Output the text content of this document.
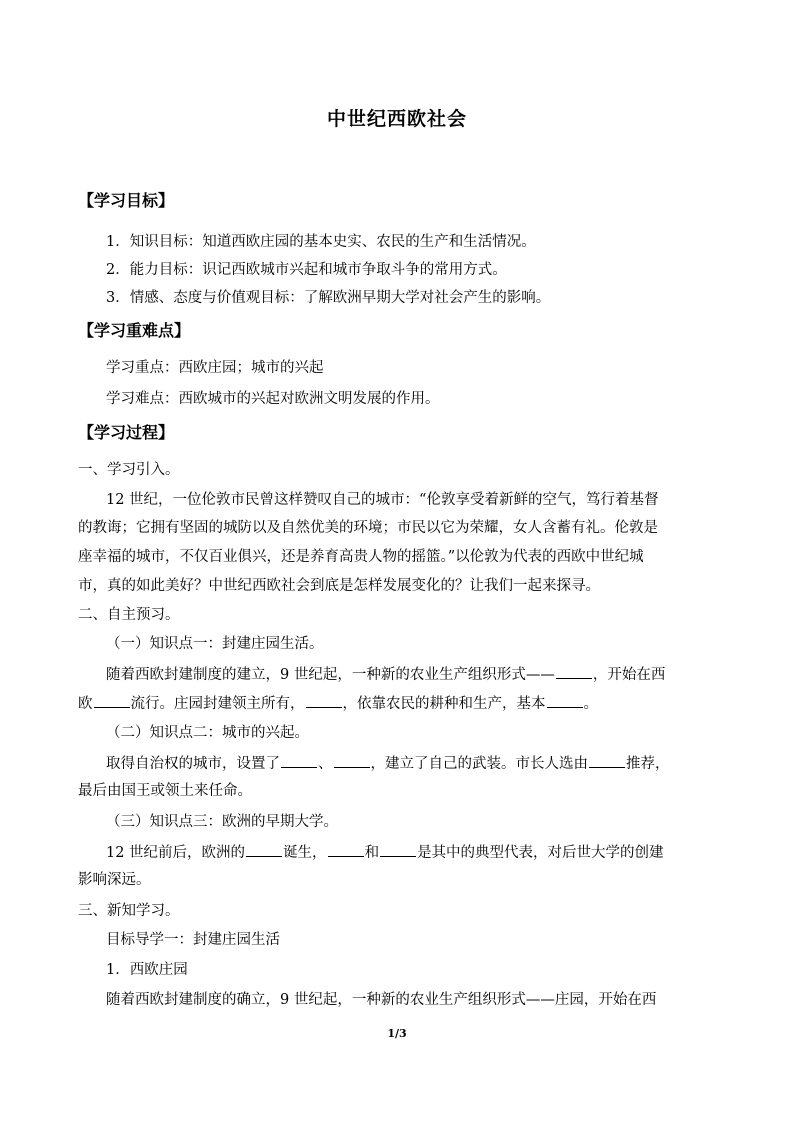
中世纪西欧社会
【学习目标】
1．知识目标：知道西欧庄园的基本史实、农民的生产和生活情况。
2．能力目标：识记西欧城市兴起和城市争取斗争的常用方式。
3．情感、态度与价值观目标：了解欧洲早期大学对社会产生的影响。
【学习重难点】
学习重点：西欧庄园；城市的兴起
学习难点：西欧城市的兴起对欧洲文明发展的作用。
【学习过程】
一、学习引入。
12 世纪，一位伦敦市民曾这样赞叹自己的城市：“伦敦享受着新鲜的空气，笃行着基督
的教诲；它拥有坚固的城防以及自然优美的环境；市民以它为荣耀，女人含蓄有礼。伦敦是
座幸福的城市，不仅百业俱兴，还是养育高贵人物的摇篮。”以伦敦为代表的西欧中世纪城
市，真的如此美好？中世纪西欧社会到底是怎样发展变化的？让我们一起来探寻。
二、自主预习。
（一）知识点一：封建庄园生活。
随着西欧封建制度的建立，9 世纪起，一种新的农业生产组织形式——	，开始在西
欧	流行。庄园封建领主所有，	，依靠农民的耕种和生产，基本	。
（二）知识点二：城市的兴起。
取得自治权的城市，设置了	、	，建立了自己的武装。市长人选由	推荐，
最后由国王或领土来任命。
（三）知识点三：欧洲的早期大学。
12 世纪前后，欧洲的	诞生，	和	是其中的典型代表，对后世大学的创建
影响深远。
三、新知学习。
目标导学一：封建庄园生活
1．西欧庄园
随着西欧封建制度的确立，9 世纪起，一种新的农业生产组织形式——庄园，开始在西
1/3
